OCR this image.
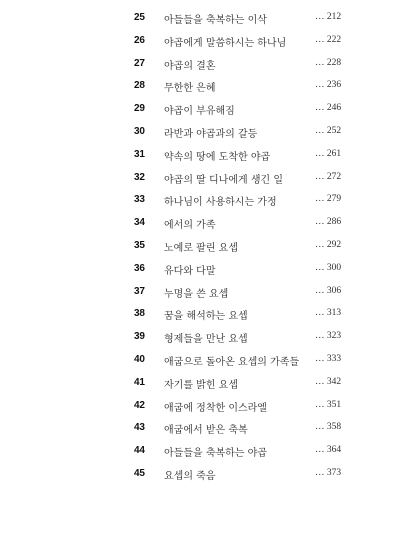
25	아들들을 축복하는 이삭	… 212
26	야곱에게 말씀하시는 하나님	… 222
27	야곱의 결혼	… 228
28	무한한 은혜	… 236
29	야곱이 부유해짐	… 246
30	라반과 야곱과의 갈등	… 252
31	약속의 땅에 도착한 야곱	… 261
32	야곱의 딸 디나에게 생긴 일	… 272
33	하나님이 사용하시는 가정	… 279
34	에서의 가족	… 286
35	노예로 팔린 요셉	… 292
36	유다와 다말	… 300
37	누명을 쓴 요셉	… 306
38	꿈을 해석하는 요셉	… 313
39	형제들을 만난 요셉	… 323
40	애굽으로 돌아온 요셉의 가족들 … 333
41	자기를 밝힌 요셉	… 342
42	애굽에 정착한 이스라엘	… 351
43	애굽에서 받은 축복	… 358
44	아들들을 축복하는 야곱	… 364
45	요셉의 죽음	… 373
